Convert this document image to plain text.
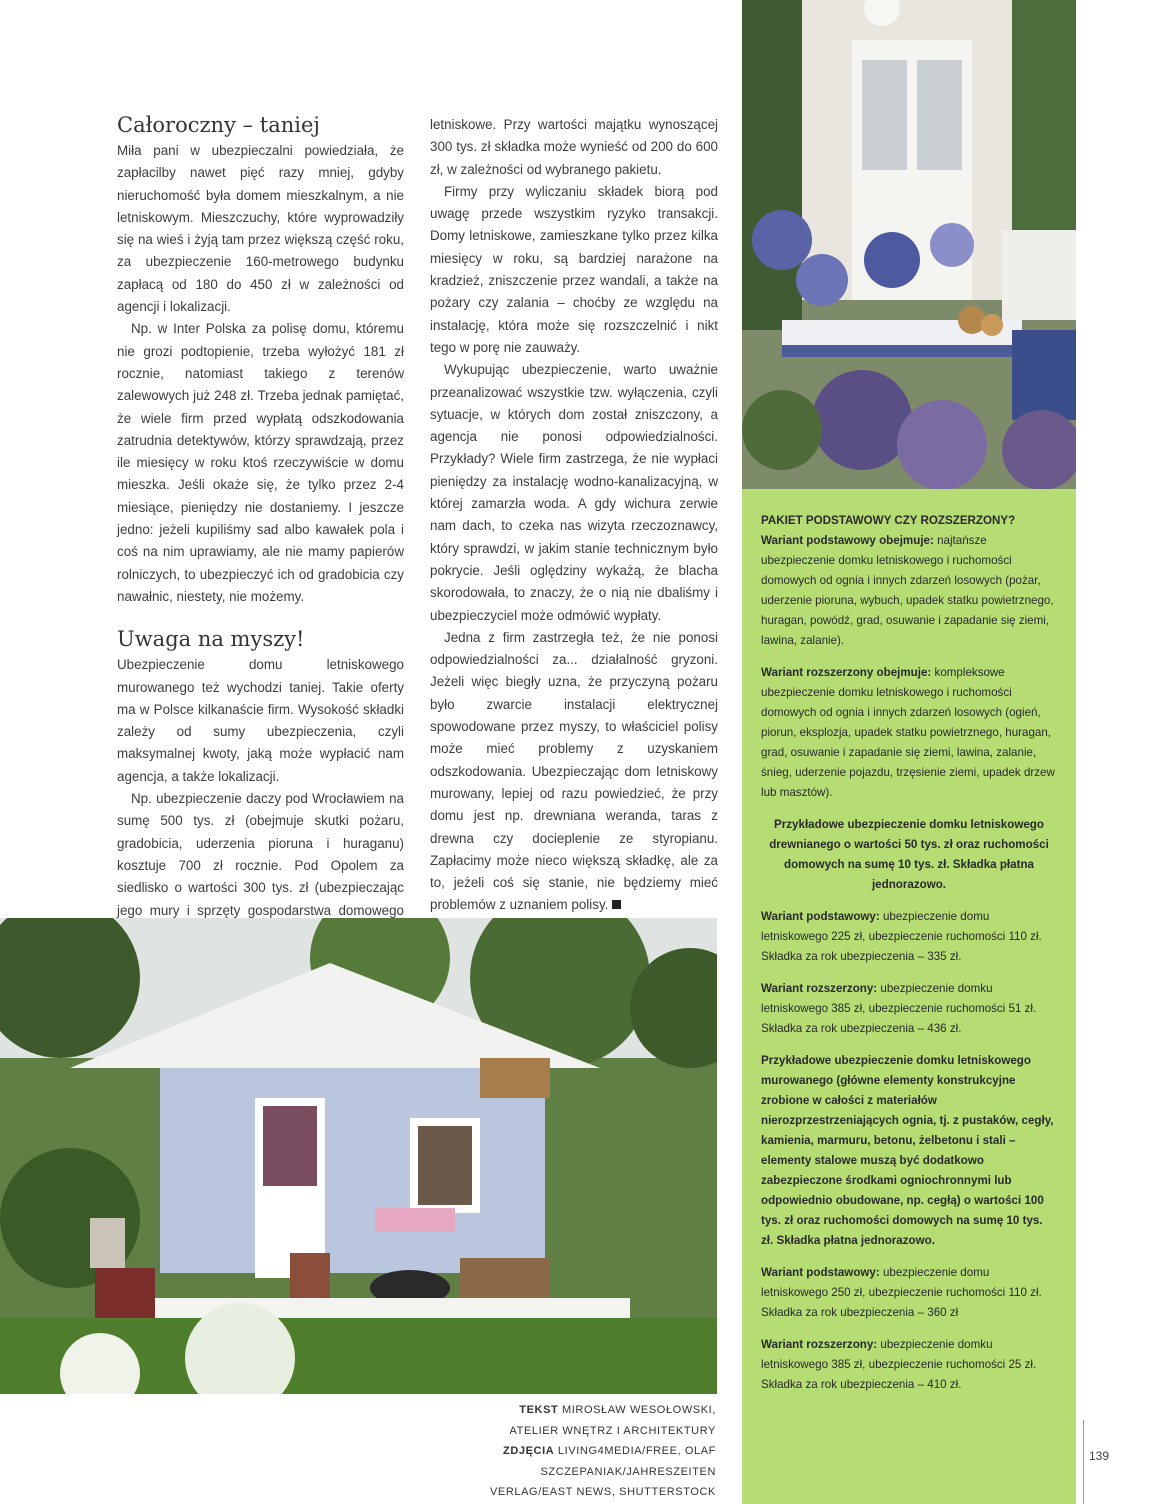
Całoroczny – taniej

Miła pani w ubezpieczalni powiedziała, że zapłacilby nawet pięć razy mniej, gdyby nieruchomość była domem mieszkalnym, a nie letniskowym. Mieszczuchy, które wyprowadziły się na wieś i żyją tam przez większą część roku, za ubezpieczenie 160-metrowego budynku zapłacą od 180 do 450 zł w zależności od agencji i lokalizacji.

Np. w Inter Polska za polisę domu, któremu nie grozi podtopienie, trzeba wyłożyć 181 zł rocznie, natomiast takiego z terenów zalewowych już 248 zł. Trzeba jednak pamiętać, że wiele firm przed wypłatą odszkodowania zatrudnia detektywów, którzy sprawdzają, przez ile miesięcy w roku ktoś rzeczywiście w domu mieszka. Jeśli okaże się, że tylko przez 2-4 miesiące, pieniędzy nie dostaniemy. I jeszcze jedno: jeżeli kupiliśmy sad albo kawałek pola i coś na nim uprawiamy, ale nie mamy papierów rolniczych, to ubezpieczyć ich od gradobicia czy nawałnic, niestety, nie możemy.

Uwaga na myszy!

Ubezpieczenie domu letniskowego murowanego też wychodzi taniej. Takie oferty ma w Polsce kilkanaście firm. Wysokość składki zależy od sumy ubezpieczenia, czyli maksymalnej kwoty, jaką może wypłacić nam agencja, a także lokalizacji.

Np. ubezpieczenie daczy pod Wrocławiem na sumę 500 tys. zł (obejmuje skutki pożaru, gradobicia, uderzenia pioruna i huraganu) kosztuje 700 zł rocznie. Pod Opolem za siedlisko o wartości 300 tys. zł (ubezpieczając jego mury i sprzęty gospodarstwa domowego

letniskowe. Przy wartości majątku wynoszącej 300 tys. zł składka może wynieść od 200 do 600 zł, w zależności od wybranego pakietu.

Firmy przy wyliczaniu składek biorą pod uwagę przede wszystkim ryzyko transakcji. Domy letniskowe, zamieszkane tylko przez kilka miesięcy w roku, są bardziej narażone na kradzież, zniszczenie przez wandali, a także na pożary czy zalania – choćby ze względu na instalację, która może się rozszczelnić i nikt tego w porę nie zauważy.

Wykupując ubezpieczenie, warto uważnie przeanalizować wszystkie tzw. wyłączenia, czyli sytuacje, w których dom został zniszczony, a agencja nie ponosi odpowiedzialności. Przykłady? Wiele firm zastrzega, że nie wypłaci pieniędzy za instalację wodno-kanalizacyjną, w której zamarzła woda. A gdy wichura zerwie nam dach, to czeka nas wizyta rzeczoznawcy, który sprawdzi, w jakim stanie technicznym było pokrycie. Jeśli oględziny wykażą, że blacha skorodowała, to znaczy, że o nią nie dbaliśmy i ubezpieczyciel może odmówić wypłaty.

Jedna z firm zastrzegła też, że nie ponosi odpowiedzialności za... działalność gryzoni. Jeżeli więc biegły uzna, że przyczyną pożaru było zwarcie instalacji elektrycznej spowodowane przez myszy, to właściciel polisy może mieć problemy z uzyskaniem odszkodowania. Ubezpieczając dom letniskowy murowany, lepiej od razu powiedzieć, że przy domu jest np. drewniana weranda, taras z drewna czy docieplenie ze styropianu. Zapłacimy może nieco większą składkę, ale za to, jeżeli coś się stanie, nie będziemy mieć problemów z uznaniem polisy.

PAKIET PODSTAWOWY CZY ROZSZERZONY?
Wariant podstawowy obejmuje: najtańsze ubezpieczenie domku letniskowego i ruchomości domowych od ognia i innych zdarzeń losowych (pożar, uderzenie pioruna, wybuch, upadek statku powietrznego, huragan, powódź, grad, osuwanie i zapadanie się ziemi, lawina, zalanie).
Wariant rozszerzony obejmuje: kompleksowe ubezpieczenie domku letniskowego i ruchomości domowych od ognia i innych zdarzeń losowych (ogień, piorun, eksplozja, upadek statku powietrznego, huragan, grad, osuwanie i zapadanie się ziemi, lawina, zalanie, śnieg, uderzenie pojazdu, trzęsienie ziemi, upadek drzew lub masztów).
Przykładowe ubezpieczenie domku letniskowego drewnianego o wartości 50 tys. zł oraz ruchomości domowych na sumę 10 tys. zł. Składka płatna jednorazowo.
Wariant podstawowy: ubezpieczenie domu letniskowego 225 zł, ubezpieczenie ruchomości 110 zł. Składka za rok ubezpieczenia – 335 zł.
Wariant rozszerzony: ubezpieczenie domku letniskowego 385 zł, ubezpieczenie ruchomości 51 zł. Składka za rok ubezpieczenia – 436 zł.
Przykładowe ubezpieczenie domku letniskowego murowanego (główne elementy konstrukcyjne zrobione w całości z materiałów nierozprzestrzeniających ognia, tj. z pustaków, cegły, kamienia, marmuru, betonu, żelbetonu i stali – elementy stalowe muszą być dodatkowo zabezpieczone środkami ogniochronnymi lub odpowiednio obudowane, np. cegłą) o wartości 100 tys. zł oraz ruchomości domowych na sumę 10 tys. zł. Składka płatna jednorazowo.
Wariant podstawowy: ubezpieczenie domu letniskowego 250 zł, ubezpieczenie ruchomości 110 zł. Składka za rok ubezpieczenia – 360 zł
Wariant rozszerzony: ubezpieczenie domku letniskowego 385 zł, ubezpieczenie ruchomości 25 zł. Składka za rok ubezpieczenia – 410 zł.
TEKST MIROSŁAW WESOŁOWSKI,
ATELIER WNĘTRZ I ARCHITEKTURY
ZDJĘCIA LIVING4MEDIA/FREE, OLAF SZCZEPANIAK/JAHRESZEITEN
VERLAG/EAST NEWS, SHUTTERSTOCK
139
